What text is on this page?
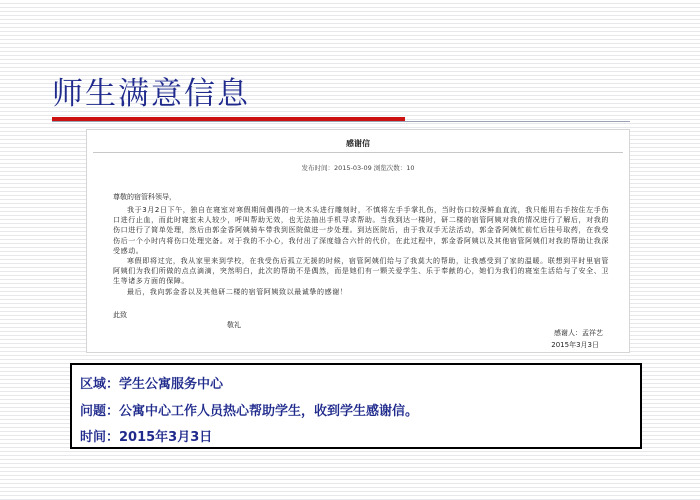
师生满意信息
感谢信
发布时间：2015-03-09 浏览次数：10
尊敬的宿管科领导，

我于3月2日下午，独自在寝室对寒假期间偶得的一块木头进行雕刻时，不慎将左手手掌扎伤，当时伤口较深鲜血直流，我只能用右手按住左手伤口进行止血，而此时寝室未人较少，呼叫帮助无效，也无法抽出手机寻求帮助。当我到达一楼时，研二楼的宿管阿姨对我的情况进行了解后，对我的伤口进行了简单处理，然后由郭金香阿姨骑车带我到医院做进一步处理。到达医院后，由于我双手无法活动，郭金香阿姨忙前忙后挂号取药，在我受伤后一个小时内将伤口处理完备。对于我的不小心，我付出了深度缝合六针的代价，在此过程中，郭金香阿姨以及其他宿管阿姨们对我的帮助让我深受感动。

寒假即将过完，我从家里来到学校，在我受伤后孤立无援的时候，宿管阿姨们给与了我莫大的帮助，让我感受到了家的温暖。联想到平时里宿管阿姨们为我们所做的点点滴滴，突然明白，此次的帮助不是偶然，而是她们有一颗关爱学生、乐于奉献的心，她们为我们的寝室生活给与了安全、卫生等诸多方面的保障。

最后，我向郭金香以及其他研二楼的宿管阿姨致以最诚挚的感谢！

此致
敬礼
感谢人：孟祥艺
2015年3月3日
区域：学生公寓服务中心
问题：公寓中心工作人员热心帮助学生，收到学生感谢信。
时间：2015年3月3日
